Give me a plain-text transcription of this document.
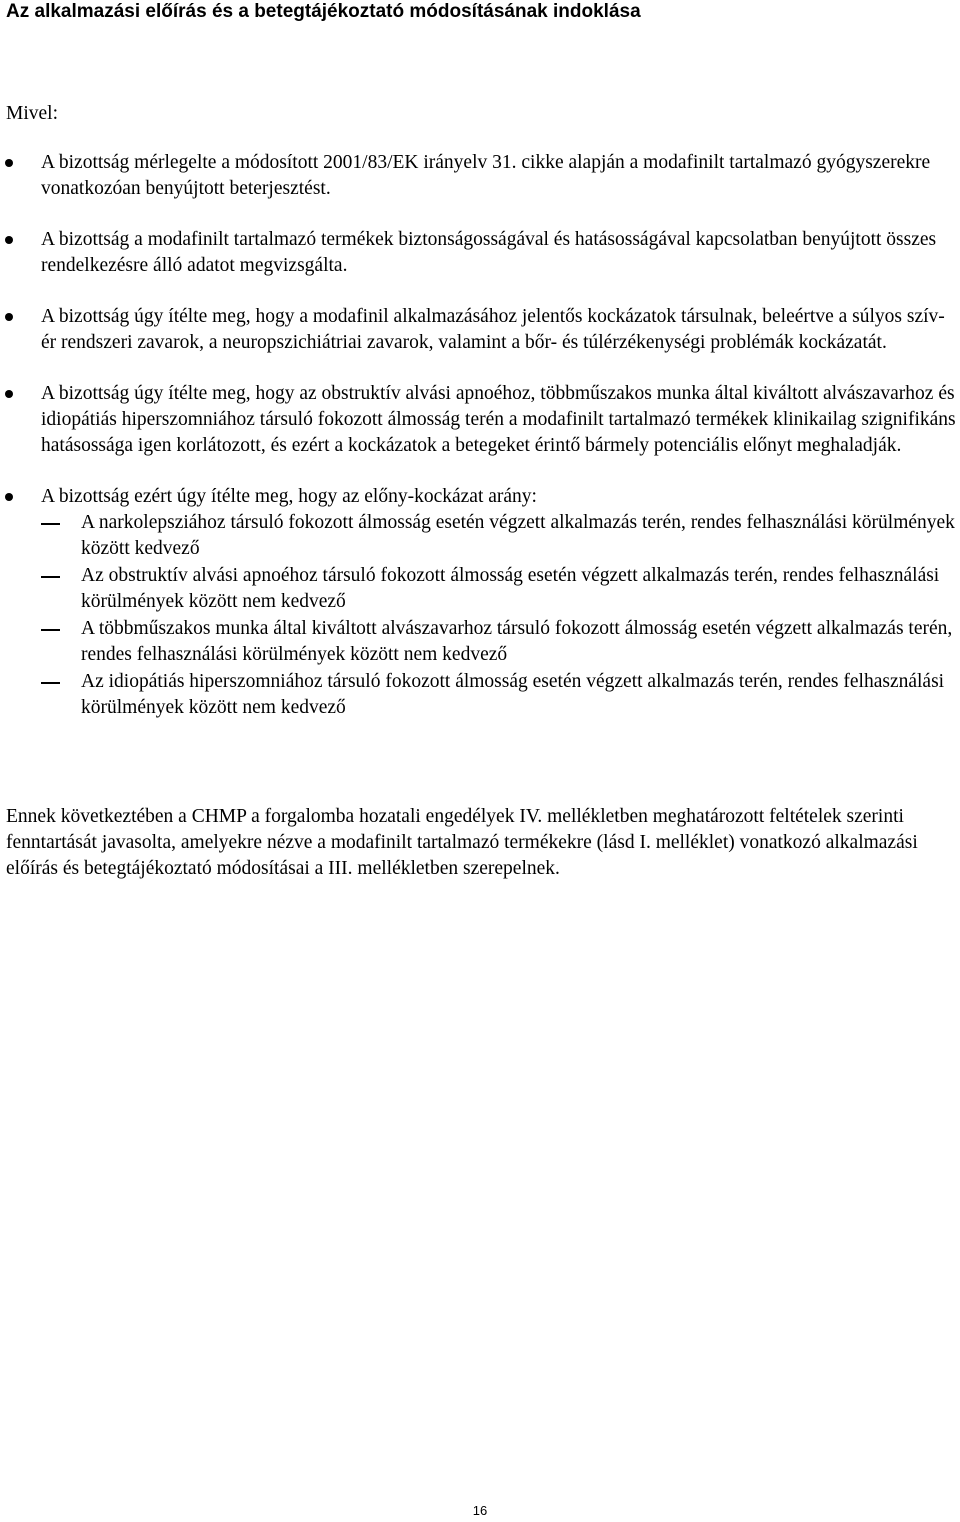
Az alkalmazási előírás és a betegtájékoztató módosításának indoklása

Mivel:

A bizottság mérlegelte a módosított 2001/83/EK irányelv 31. cikke alapján a modafinilt tartalmazó gyógyszerekre vonatkozóan benyújtott beterjesztést.
A bizottság a modafinilt tartalmazó termékek biztonságosságával és hatásosságával kapcsolatban benyújtott összes rendelkezésre álló adatot megvizsgálta.
A bizottság úgy ítélte meg, hogy a modafinil alkalmazásához jelentős kockázatok társulnak, beleértve a súlyos szív-ér rendszeri zavarok, a neuropszichiátriai zavarok, valamint a bőr- és túlérzékenységi problémák kockázatát.
A bizottság úgy ítélte meg, hogy az obstruktív alvási apnoéhoz, többműszakos munka által kiváltott alvászavarhoz és idiopátiás hiperszomniához társuló fokozott álmosság terén a modafinilt tartalmazó termékek klinikailag szignifikáns hatásossága igen korlátozott, és ezért a kockázatok a betegeket érintő bármely potenciális előnyt meghaladják.
A bizottság ezért úgy ítélte meg, hogy az előny-kockázat arány:
A narkolepsziához társuló fokozott álmosság esetén végzett alkalmazás terén, rendes felhasználási körülmények között kedvező
Az obstruktív alvási apnoéhoz társuló fokozott álmosság esetén végzett alkalmazás terén, rendes felhasználási körülmények között nem kedvező
A többműszakos munka által kiváltott alvászavarhoz társuló fokozott álmosság esetén végzett alkalmazás terén, rendes felhasználási körülmények között nem kedvező
Az idiopátiás hiperszomniához társuló fokozott álmosság esetén végzett alkalmazás terén, rendes felhasználási körülmények között nem kedvező

Ennek következtében a CHMP a forgalomba hozatali engedélyek IV. mellékletben meghatározott feltételek szerinti fenntartását javasolta, amelyekre nézve a modafinilt tartalmazó termékekre (lásd I. melléklet) vonatkozó alkalmazási előírás és betegtájékoztató módosításai a III. mellékletben szerepelnek.

16
